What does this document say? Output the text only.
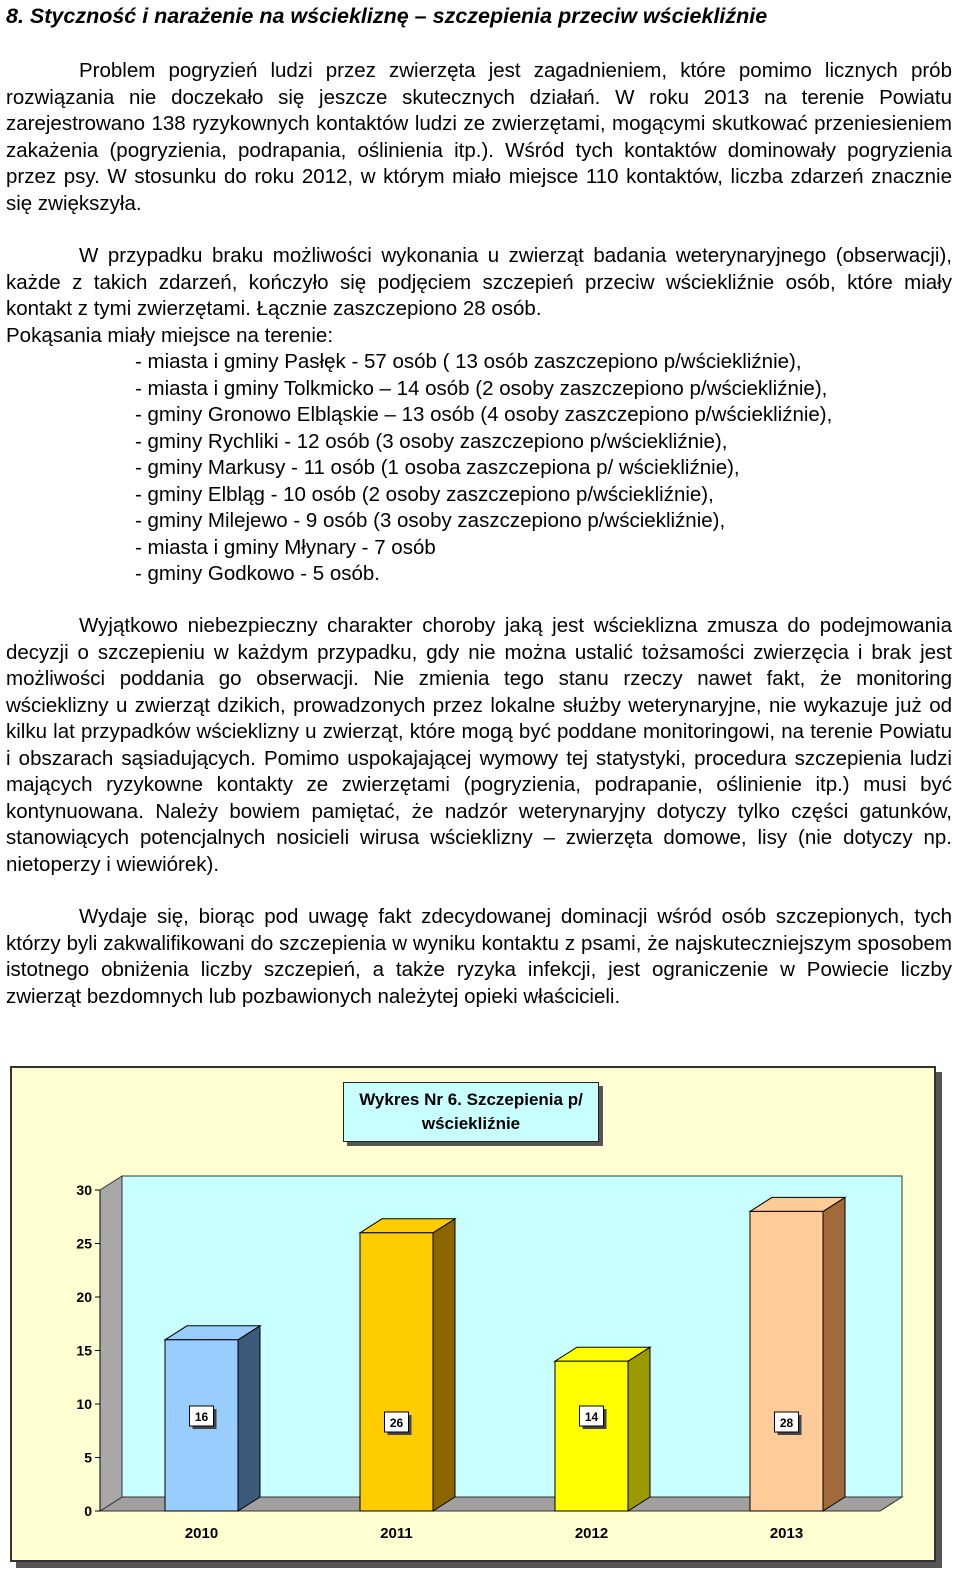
8. Styczność i narażenie na wściekliznę – szczepienia przeciw wściekliźnie

Problem pogryzień ludzi przez zwierzęta jest zagadnieniem, które pomimo licznych prób rozwiązania nie doczekało się jeszcze skutecznych działań. W roku 2013 na terenie Powiatu zarejestrowano 138 ryzykownych kontaktów ludzi ze zwierzętami, mogącymi skutkować przeniesieniem zakażenia (pogryzienia, podrapania, oślinienia itp.). Wśród tych kontaktów dominowały pogryzienia przez psy. W stosunku do roku 2012, w którym miało miejsce 110 kontaktów, liczba zdarzeń znacznie się zwiększyła.

W przypadku braku możliwości wykonania u zwierząt badania weterynaryjnego (obserwacji), każde z takich zdarzeń, kończyło się podjęciem szczepień przeciw wściekliźnie osób, które miały kontakt z tymi zwierzętami. Łącznie zaszczepiono 28 osób.

Pokąsania miały miejsce na terenie:

- miasta i gminy Pasłęk - 57 osób ( 13 osób zaszczepiono p/wściekliźnie),

- miasta i gminy Tolkmicko – 14 osób (2 osoby zaszczepiono p/wściekliźnie),

- gminy Gronowo Elbląskie – 13 osób (4 osoby zaszczepiono p/wściekliźnie),

- gminy Rychliki - 12 osób (3 osoby zaszczepiono p/wściekliźnie),

- gminy Markusy - 11 osób (1 osoba zaszczepiona p/ wściekliźnie),

- gminy Elbląg - 10 osób (2 osoby zaszczepiono p/wściekliźnie),

- gminy Milejewo - 9 osób (3 osoby zaszczepiono p/wściekliźnie),

- miasta i gminy Młynary - 7 osób

- gminy Godkowo - 5 osób.

Wyjątkowo niebezpieczny charakter choroby jaką jest wścieklizna zmusza do podejmowania decyzji o szczepieniu w każdym przypadku, gdy nie można ustalić tożsamości zwierzęcia i brak jest możliwości poddania go obserwacji. Nie zmienia tego stanu rzeczy nawet fakt, że monitoring wścieklizny u zwierząt dzikich, prowadzonych przez lokalne służby weterynaryjne, nie wykazuje już od kilku lat przypadków wścieklizny u zwierząt, które mogą być poddane monitoringowi, na terenie Powiatu i obszarach sąsiadujących. Pomimo uspokajającej wymowy tej statystyki, procedura szczepienia ludzi mających ryzykowne kontakty ze zwierzętami (pogryzienia, podrapanie, oślinienie itp.) musi być kontynuowana. Należy bowiem pamiętać, że nadzór weterynaryjny dotyczy tylko części gatunków, stanowiących potencjalnych nosicieli wirusa wścieklizny – zwierzęta domowe, lisy (nie dotyczy np. nietoperzy i wiewiórek).

Wydaje się, biorąc pod uwagę fakt zdecydowanej dominacji wśród osób szczepionych, tych którzy byli zakwalifikowani do szczepienia w wyniku kontaktu z psami, że najskuteczniejszym sposobem istotnego obniżenia liczby szczepień, a także ryzyka infekcji, jest ograniczenie w Powiecie liczby zwierząt bezdomnych lub pozbawionych należytej opieki właścicieli.

Wykres Nr 6. Szczepienia p/ wściekliźnie
0
5
10
15
20
25
30
16
2010
26
2011
14
2012
28
2013
